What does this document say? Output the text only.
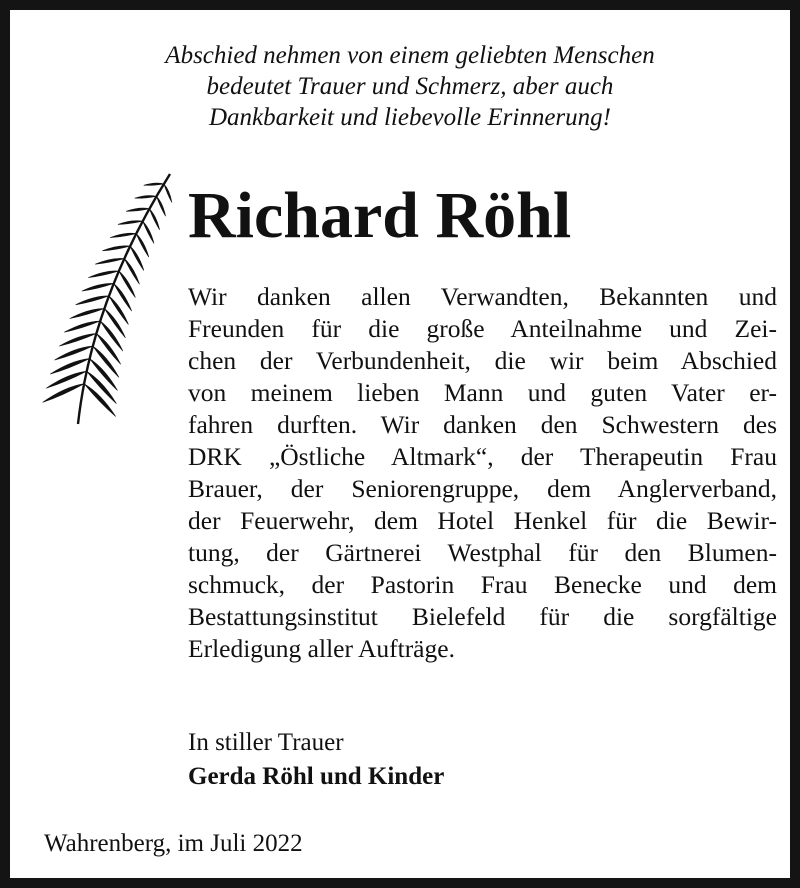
Abschied nehmen von einem geliebten Menschen
bedeutet Trauer und Schmerz, aber auch
Dankbarkeit und liebevolle Erinnerung!
Richard Röhl
Wir danken allen Verwandten, Bekannten und
Freunden für die große Anteilnahme und Zei-
chen der Verbundenheit, die wir beim Abschied
von meinem lieben Mann und guten Vater er-
fahren durften. Wir danken den Schwestern des
DRK „Östliche Altmark“, der Therapeutin Frau
Brauer, der Seniorengruppe, dem Anglerverband,
der Feuerwehr, dem Hotel Henkel für die Bewir-
tung, der Gärtnerei Westphal für den Blumen-
schmuck, der Pastorin Frau Benecke und dem
Bestattungsinstitut Bielefeld für die sorgfältige
Erledigung aller Aufträge.
In stiller Trauer
Gerda Röhl und Kinder
Wahrenberg, im Juli 2022
